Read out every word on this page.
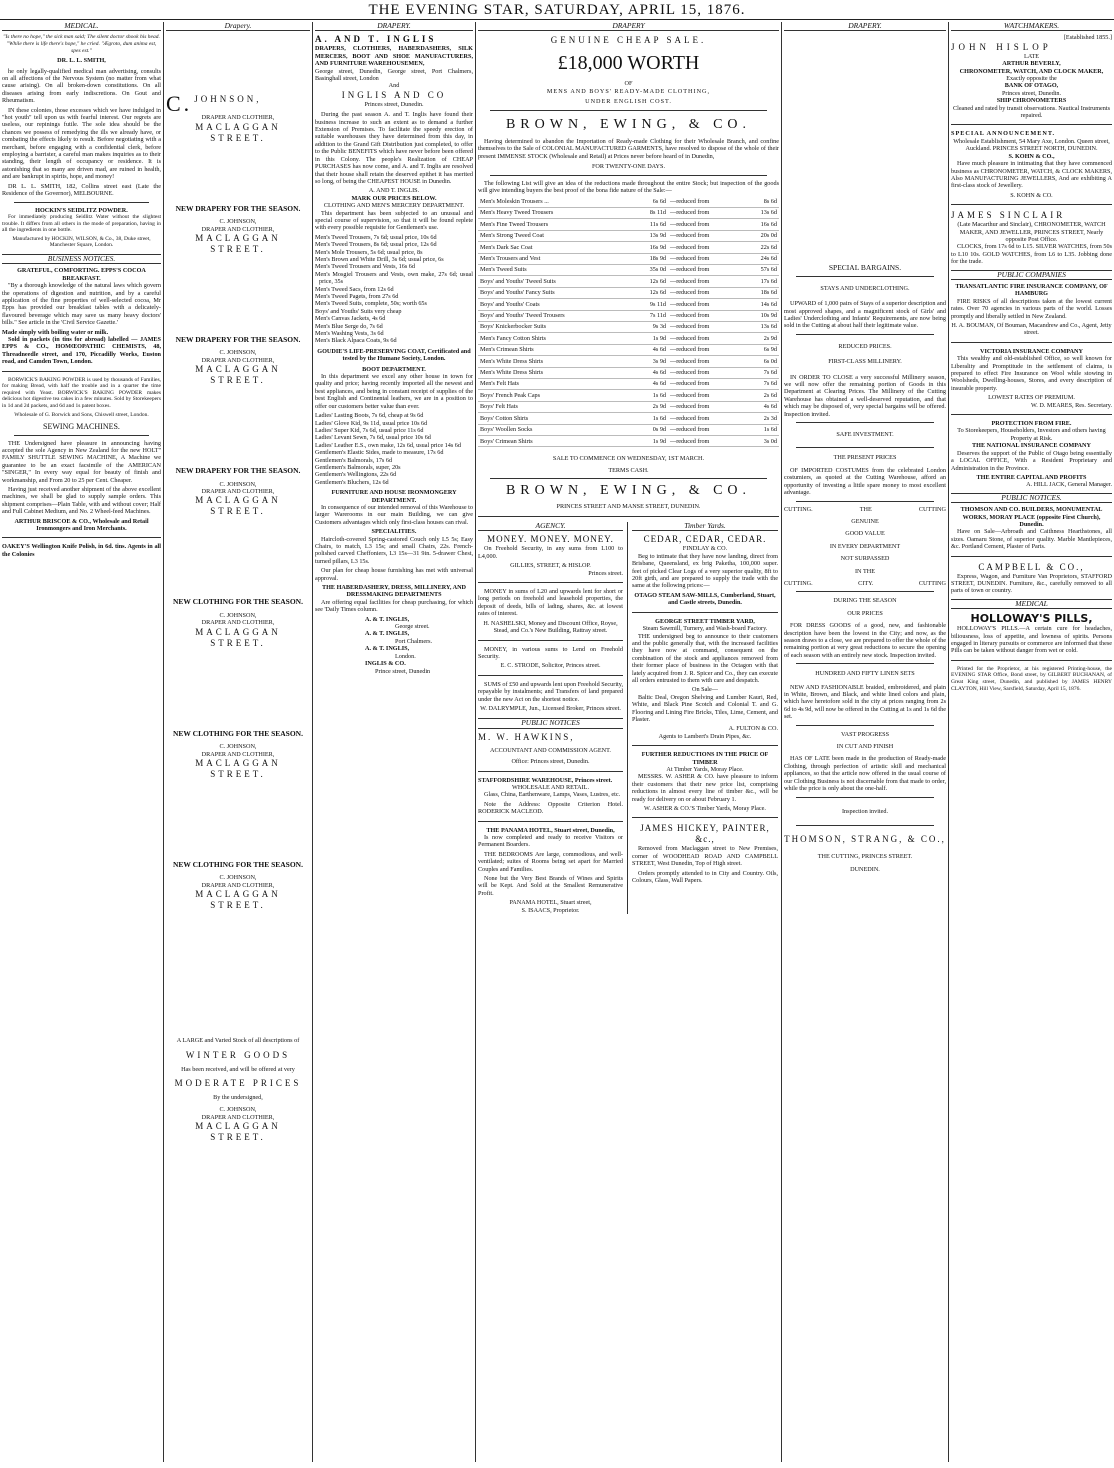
THE EVENING STAR, SATURDAY, APRIL 15, 1876.
MEDICAL.
"Is there no hope," the sick man said; The silent doctor shook his head. "While there is life there's hope," he cried. "Ægroto, dum anima est, spes est."
DR. L. L. SMITH,
he only legally-qualified medical man advertising, consults on all affections of the Nervous System (no matter from what cause arising). On all broken-down constitutions. On all diseases arising from early indiscretions. On Gout and Rheumatism.
IN these colonies, those excesses which we have indulged in "hot youth" tell upon us with fearful interest. Our regrets are useless, our repinings futile. The sole idea should be the chances we possess of remedying the ills we already have, or combating the effects likely to result. Before negotiating with a merchant, before engaging with a confidential clerk, before employing a barrister, a careful man makes inquiries as to their standing, their length of occupancy or residence. It is astonishing that so many are driven mad, are ruined in health, and are bankrupt in spirits, hope, and money!
DR L. L. SMITH, 182, Collins street east (Late the Residence of the Governor), MELBOURNE.
HOCKIN'S SEIDLITZ POWDER.
For immediately producing Seidlitz Water without the slightest trouble. It differs from all others in the mode of preparation, having in all the ingredients in one bottle.
Manufactured by HOCKIN, WILSON, & Co., 38, Duke street, Manchester Square, London.
BUSINESS NOTICES.
GRATEFUL, COMFORTING. EPPS'S COCOA BREAKFAST.
"By a thorough knowledge of the natural laws which govern the operations of digestion and nutrition, and by a careful application of the fine properties of well-selected cocoa, Mr Epps has provided our breakfast tables with a delicately-flavoured beverage which may save us many heavy doctors' bills." See article in the 'Civil Service Gazette.'
Made simply with boiling water or milk.
Sold in packets (in tins for abroad) labelled — JAMES EPPS & CO., HOMŒOPATHIC CHEMISTS, 48, Threadneedle street, and 170, Piccadilly Works, Euston road, and Camden Town, London.
BORWICK'S BAKING POWDER is used by thousands of Families, for making Bread, with half the trouble and in a quarter the time required with Yeast. BORWICK'S BAKING POWDER makes delicious hot digestive tea cakes in a few minutes. Sold by Storekeepers in 1d and 2d packets, and 6d and 1s patent boxes.
Wholesale of G. Borwick and Sons, Chiswell street, London.
SEWING MACHINES.
THE Undersigned have pleasure in announcing having accepted the sole Agency in New Zealand for the new HOLT" FAMILY SHUTTLE SEWING MACHINE, A Machine we guarantee to be an exact facsimile of the AMERICAN "SINGER," In every way equal for beauty of finish and workmanship, and From 20 to 25 per Cent. Cheaper.
Having just received another shipment of the above excellent machines, we shall be glad to supply sample orders. This shipment comprises—Plain Table, with and without cover; Half and Full Cabinet Medium, and No. 2 Wheel-feed Machines.
ARTHUR BRISCOE & CO., Wholesale and Retail Ironmongers and Iron Merchants.
OAKEY'S Wellington Knife Polish, in 6d. tins. Agents in all the Colonies
Drapery.
C. JOHNSON,
DRAPER AND CLOTHIER,
MACLAGGAN STREET.
NEW DRAPERY FOR THE SEASON.
C. JOHNSON,
DRAPER AND CLOTHIER,
MACLAGGAN STREET.
NEW DRAPERY FOR THE SEASON.
C. JOHNSON,
DRAPER AND CLOTHIER,
MACLAGGAN STREET.
NEW DRAPERY FOR THE SEASON.
C. JOHNSON,
DRAPER AND CLOTHIER,
MACLAGGAN STREET.
NEW CLOTHING FOR THE SEASON.
C. JOHNSON,
DRAPER AND CLOTHIER,
MACLAGGAN STREET.
NEW CLOTHING FOR THE SEASON.
C. JOHNSON,
DRAPER AND CLOTHIER,
MACLAGGAN STREET.
NEW CLOTHING FOR THE SEASON.
C. JOHNSON,
DRAPER AND CLOTHIER,
MACLAGGAN STREET.
A LARGE and Varied Stock of all descriptions of
WINTER GOODS
Has been received, and will be offered at very
MODERATE PRICES
By the undersigned,
C. JOHNSON,
DRAPER AND CLOTHIER,
MACLAGGAN STREET.
DRAPERY.
A. AND T. INGLIS
DRAPERS, CLOTHIERS, HABERDASHERS, SILK MERCERS, BOOT AND SHOE MANUFACTURERS, AND FURNITURE WAREHOUSEMEN,
George street, Dunedin, George street, Port Chalmers, Basinghall street, London
And
INGLIS AND CO
Princes street, Dunedin.
During the past season A. and T. Inglis have found their business increase to such an extent as to demand a further Extension of Premises. To facilitate the speedy erection of suitable warehouses they have determined from this day, in addition to the Grand Gift Distribution just completed, to offer to the Public BENEFITS which have never before been offered in this Colony. The people's Realization of CHEAP PURCHASES has now come, and A. and T. Inglis are resolved that their house shall retain the deserved epithet it has merited so long, of being the CHEAPEST HOUSE in Dunedin.
A. AND T. INGLIS.
MARK OUR PRICES BELOW.
CLOTHING AND MEN'S MERCERY DEPARTMENT.
This department has been subjected to an unusual and special course of supervision, so that it will be found replete with every possible requisite for Gentlemen's use.
Men's Tweed Trousers, 7s 6d; usual price, 10s 6d
Men's Tweed Trousers, 8s 6d; usual price, 12s 6d
Men's Mole Trousers, 5s 6d; usual price, 8s
Men's Brown and White Drill, 3s 6d; usual price, 6s
Men's Tweed Trousers and Vests, 16s 6d
Men's Mosgiel Trousers and Vests, own make, 27s 6d; usual price, 35s
Men's Tweed Sacs, from 12s 6d
Men's Tweed Pagets, from 27s 6d
Men's Tweed Suits, complete, 50s; worth 65s
Boys' and Youths' Suits very cheap
Men's Canvas Jackets, 4s 6d
Men's Blue Serge do, 7s 6d
Men's Washing Vests, 3s 6d
Men's Black Alpaca Coats, 9s 6d
GOUDIE'S LIFE-PRESERVING COAT, Certificated and tested by the Humane Society, London.
BOOT DEPARTMENT.
In this department we excel any other house in town for quality and price; having recently imported all the newest and best appliances, and being in constant receipt of supplies of the best English and Continental leathers, we are in a position to offer our customers better value than ever.
Ladies' Lasting Boots, 7s 6d, cheap at 9s 6d
Ladies' Glove Kid, 9s 11d, usual price 10s 6d
Ladies' Super Kid, 7s 6d, usual price 11s 6d
Ladies' Levant Sewn, 7s 6d, usual price 10s 6d
Ladies' Leather E.S., own make, 12s 6d, usual price 14s 6d
Gentlemen's Elastic Sides, made to measure, 17s 6d
Gentlemen's Balmorals, 17s 6d
Gentlemen's Balmorals, super, 20s
Gentlemen's Wellingtons, 22s 6d
Gentlemen's Bluchers, 12s 6d
FURNITURE AND HOUSE IRONMONGERY DEPARTMENT.
In consequence of our intended removal of this Warehouse to larger Warerooms in our main Building, we can give Customers advantages which only first-class houses can rival.
SPECIALITIES.
Haircloth-covered Spring-castored Couch only L5 5s; Easy Chairs, to match, L3 15s; and small Chairs, 22s. French-polished carved Cheffoniers, L3 15s—31 9in. 5-drawer Chest, turned pillars, L3 15s.
Our plan for cheap house furnishing has met with universal approval.
THE HABERDASHERY, DRESS, MILLINERY, AND DRESSMAKING DEPARTMENTS
Are offering equal facilities for cheap purchasing, for which see 'Daily Times column.
A. & T. INGLIS,
George street.
A. & T. INGLIS,
Port Chalmers.
A. & T. INGLIS,
London.
INGLIS & CO.
Prince street, Dunedin
DRAPERY
GENUINE CHEAP SALE.
£18,000 WORTH
OF
MENS AND BOYS' READY-MADE CLOTHING,
UNDER ENGLISH COST.
BROWN, EWING, & CO.
Having determined to abandon the Importation of Ready-made Clothing for their Wholesale Branch, and confine themselves to the Sale of COLONIAL MANUFACTURED GARMENTS, have resolved to dispose of the whole of their present IMMENSE STOCK (Wholesale and Retail) at Prices never before heard of in Dunedin,
FOR TWENTY-ONE DAYS.
The following List will give an idea of the reductions made throughout the entire Stock; but inspection of the goods will give intending buyers the best proof of the bona fide nature of the Sale:—
Men's Moleskin Trousers ...	6s 6d	—reduced from	8s 6d
Men's Heavy Tweed Trousers	8s 11d	—reduced from	13s 6d
Men's Fine Tweed Trousers	11s 6d	—reduced from	16s 6d
Men's Strong Tweed Coat	13s 9d	—reduced from	20s 0d
Men's Dark Sac Coat	16s 9d	—reduced from	22s 6d
Men's Trousers and Vest	18s 9d	—reduced from	24s 6d
Men's Tweed Suits	35s 0d	—reduced from	57s 6d
Boys' and Youths' Tweed Suits	12s 6d	—reduced from	17s 6d
Boys' and Youths' Fancy Suits	12s 6d	—reduced from	18s 6d
Boys' and Youths' Coats	9s 11d	—reduced from	14s 6d
Boys' and Youths' Tweed Trousers	7s 11d	—reduced from	10s 9d
Boys' Knickerbocker Suits	9s 3d	—reduced from	13s 6d
Men's Fancy Cotton Shirts	1s 9d	—reduced from	2s 9d
Men's Crimean Shirts	4s 6d	—reduced from	6s 9d
Men's White Dress Shirts	3s 9d	—reduced from	6s 0d
Men's White Dress Shirts	4s 6d	—reduced from	7s 6d
Men's Felt Hats	4s 6d	—reduced from	7s 6d
Boys' French Peak Caps	1s 6d	—reduced from	2s 6d
Boys' Felt Hats	2s 9d	—reduced from	4s 6d
Boys' Cotton Shirts	1s 6d	—reduced from	2s 3d
Boys' Woollen Socks	0s 9d	—reduced from	1s 6d
Boys' Crimean Shirts	1s 9d	—reduced from	3s 0d
SALE TO COMMENCE ON WEDNESDAY, 1ST MARCH.
TERMS CASH.
BROWN, EWING, & CO.
PRINCES STREET AND MANSE STREET, DUNEDIN.
AGENCY.
MONEY. MONEY. MONEY.
On Freehold Security, in any sums from L100 to L4,000.
GILLIES, STREET, & HISLOP.
Princes street.
MONEY in sums of L20 and upwards lent for short or long periods on freehold and leasehold properties, the deposit of deeds, bills of lading, shares, &c. at lowest rates of interest.
H. NASHELSKI, Money and Discount Office, Royse, Stead, and Co.'s New Building, Rattray street.
MONEY, in various sums to Lend on Freehold Security.
E. C. STRODE, Solicitor, Princes street.
SUMS of £50 and upwards lent upon Freehold Security, repayable by instalments; and Transfers of land prepared under the new Act on the shortest notice.
W. DALRYMPLE, Jun., Licensed Broker, Princes street.
PUBLIC NOTICES
M. W. HAWKINS,
ACCOUNTANT AND COMMISSION AGENT.
Office: Princes street, Dunedin.
STAFFORDSHIRE WAREHOUSE, Princes street.
WHOLESALE AND RETAIL.
Glass, China, Earthenware, Lamps, Vases, Lustres, etc.
Note the Address: Opposite Criterion Hotel. RODERICK MACLEOD.
THE PANAMA HOTEL, Stuart street, Dunedin,
Is now completed and ready to receive Visitors or Permanent Boarders.
THE BEDROOMS Are large, commodious, and well-ventilated; suites of Rooms being set apart for Married Couples and Families.
None but the Very Best Brands of Wines and Spirits will be Kept. And Sold at the Smallest Remunerative Profit.
PANAMA HOTEL, Stuart street,
S. ISAACS, Proprietor.
Timber Yards.
CEDAR, CEDAR, CEDAR.
FINDLAY & CO.
Beg to intimate that they have now landing, direct from Brisbane, Queensland, ex brig Paketha, 100,000 super. feet of picked Clear Logs of a very superior quality, 8ft to 20ft girth, and are prepared to supply the trade with the same at the following prices:—
OTAGO STEAM SAW-MILLS, Cumberland, Stuart, and Castle streets, Dunedin.
GEORGE STREET TIMBER YARD,
Steam Sawmill, Turnery, and Wash-board Factory.
THE undersigned beg to announce to their customers and the public generally that, with the increased facilities they have now at command, consequent on the combination of the stock and appliances removed from their former place of business in the Octagon with that lately acquired from J. R. Spicer and Co., they can execute all orders entrusted to them with care and despatch.
On Sale—
Baltic Deal, Oregon Shelving and Lumber Kauri, Red, White, and Black Pine Scotch and Colonial T. and G. Flooring and Lining Fire Bricks, Tiles, Lime, Cement, and Plaster.
A. FULTON & CO.
Agents to Lambert's Drain Pipes, &c.
FURTHER REDUCTIONS IN THE PRICE OF TIMBER
At Timber Yards, Moray Place.
MESSRS. W. ASHER & CO. have pleasure to inform their customers that their new price list, comprising reductions in almost every line of timber &c., will be ready for delivery on or about February 1.
W. ASHER & CO.'S Timber Yards, Moray Place.
JAMES HICKEY, PAINTER, &c.,
Removed from Maclaggan street to New Premises, corner of WOODHEAD ROAD AND CAMPBELL STREET, West Dunedin, Top of High street.
Orders promptly attended to in City and Country. Oils, Colours, Glass, Wall Papers.
DRAPERY.
SPECIAL BARGAINS.
STAYS AND UNDERCLOTHING.
UPWARD of 1,000 pairs of Stays of a superior description and most approved shapes, and a magnificent stock of Girls' and Ladies' Underclothing and Infants' Requirements, are now being sold in the Cutting at about half their legitimate value.
REDUCED PRICES.
FIRST-CLASS MILLINERY.
IN ORDER TO CLOSE a very successful Millinery season, we will now offer the remaining portion of Goods in this Department at Clearing Prices. The Millinery of the Cutting Warehouse has obtained a well-deserved reputation, and that which may be disposed of, very special bargains will be offered. Inspection invited.
SAFE INVESTMENT.
THE PRESENT PRICES
OF IMPORTED COSTUMES from the celebrated London costumiers, as quoted at the Cutting Warehouse, afford an opportunity of investing a little spare money to most excellent advantage.
CUTTING.	THE	CUTTING
GENUINE
GOOD VALUE
IN EVERY DEPARTMENT
NOT SURPASSED
IN THE
CUTTING.	CITY.	CUTTING
DURING THE SEASON
OUR PRICES
FOR DRESS GOODS of a good, new, and fashionable description have been the lowest in the City; and now, as the season draws to a close, we are prepared to offer the whole of the remaining portion at very great reductions to secure the opening of each season with an entirely new stock. Inspection invited.
HUNDRED AND FIFTY LINEN SETS
NEW AND FASHIONABLE braided, embroidered, and plain in White, Brown, and Black, and white lined colors and plain, which have heretofore sold in the city at prices ranging from 2s 6d to 4s 9d, will now be offered in the Cutting at 1s and 1s 6d the set.
VAST PROGRESS
IN CUT AND FINISH
HAS OF LATE been made in the production of Ready-made Clothing, through perfection of artistic skill and mechanical appliances, so that the article now offered in the usual course of our Clothing Business is not discernable from that made to order, while the price is only about the one-half.
Inspection invited.
THOMSON, STRANG, & CO.,
THE CUTTING, PRINCES STREET.
DUNEDIN.
WATCHMAKERS.
[Established 1855.]
JOHN HISLOP
LATE
ARTHUR BEVERLY,
CHRONOMETER, WATCH, AND CLOCK MAKER,
Exactly opposite the
BANK OF OTAGO,
Princes street, Dunedin.
SHIP CHRONOMETERS
Cleaned and rated by transit observations. Nautical Instruments repaired.
SPECIAL ANNOUNCEMENT.
Wholesale Establishment, 54 Mary Axe, London. Queen street, Auckland. PRINCES STREET NORTH, DUNEDIN.
S. KOHN & CO.,
Have much pleasure in intimating that they have commenced business as CHRONOMETER, WATCH, & CLOCK MAKERS, Also MANUFACTURING JEWELLERS, And are exhibiting A first-class stock of Jewellery.
S. KOHN & CO.
JAMES SINCLAIR
(Late Macarthur and Sinclair), CHRONOMETER, WATCH MAKER, AND JEWELLER, PRINCES STREET, Nearly opposite Post Office.
CLOCKS, from 17s 6d to L15. SILVER WATCHES, from 50s to L10 10s. GOLD WATCHES, from L6 to L35. Jobbing done for the trade.
PUBLIC COMPANIES
TRANSATLANTIC FIRE INSURANCE COMPANY, OF HAMBURG
FIRE RISKS of all descriptions taken at the lowest current rates. Over 70 agencies in various parts of the world. Losses promptly and liberally settled in New Zealand.
H. A. BOUMAN, Of Bouman, Macandrew and Co., Agent, Jetty street.
VICTORIA INSURANCE COMPANY
This wealthy and old-established Office, so well known for Liberality and Promptitude in the settlement of claims, is prepared to effect Fire Insurance on Wool while stowing in Woolsheds, Dwelling-houses, Stores, and every description of insurable property.
LOWEST RATES OF PREMIUM.
W. D. MEARES, Res. Secretary.
PROTECTION FROM FIRE.
To Storekeepers, Householders, Investors and others having Property at Risk.
THE NATIONAL INSURANCE COMPANY
Deserves the support of the Public of Otago being essentially a LOCAL OFFICE, With a Resident Proprietary and Administration in the Province.
THE ENTIRE CAPITAL AND PROFITS
A. HILL JACK, General Manager.
PUBLIC NOTICES.
THOMSON AND CO. BUILDERS, MONUMENTAL WORKS, MORAY PLACE (opposite First Church), Dunedin.
Have on Sale—Arbroath and Caithness Hearthstones, all sizes. Oamaru Stone, of superior quality. Marble Mantlepieces, &c. Portland Cement, Plaster of Paris.
CAMPBELL & CO.,
Express, Wagon, and Furniture Van Proprietors, STAFFORD STREET, DUNEDIN. Furniture, &c., carefully removed to all parts of town or country.
MEDICAL
HOLLOWAY'S PILLS,
HOLLOWAY'S PILLS.—A certain cure for headaches, biliousness, loss of appetite, and lowness of spirits. Persons engaged in literary pursuits or commerce are informed that these Pills can be taken without danger from wet or cold.
Printed for the Proprietor, at his registered Printing-house, the EVENING STAR Office, Bond street, by GILBERT BUCHANAN, of Great King street, Dunedin, and published by JAMES HENRY CLAYTON, Hill View, Sarsfield, Saturday, April 15, 1876.
